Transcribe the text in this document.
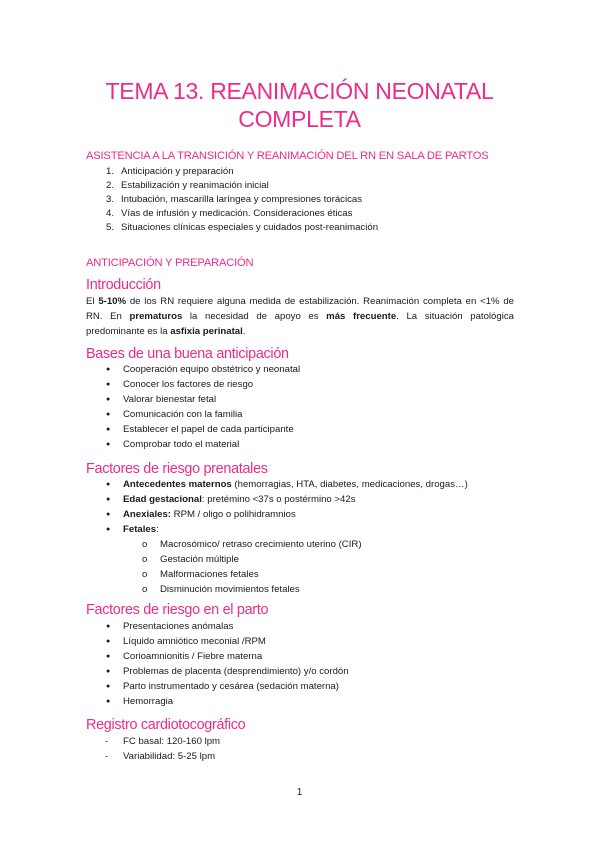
TEMA 13. REANIMACIÓN NEONATAL
COMPLETA
ASISTENCIA A LA TRANSICIÓN Y REANIMACIÓN DEL RN EN SALA DE PARTOS
1. Anticipación y preparación
2. Estabilización y reanimación inicial
3. Intubación, mascarilla laríngea y compresiones torácicas
4. Vías de infusión y medicación. Consideraciones éticas
5. Situaciones clínicas especiales y cuidados post-reanimación
ANTICIPACIÓN Y PREPARACIÓN
Introducción
El 5-10% de los RN requiere alguna medida de estabilización. Reanimación completa en <1% de
RN. En prematuros la necesidad de apoyo es más frecuente. La situación patológica
predominante es la asfixia perinatal.
Bases de una buena anticipación
● Cooperación equipo obstétrico y neonatal
● Conocer los factores de riesgo
● Valorar bienestar fetal
● Comunicación con la familia
● Establecer el papel de cada participante
● Comprobar todo el material
Factores de riesgo prenatales
● Antecedentes maternos (hemorragias, HTA, diabetes, medicaciones, drogas…)
● Edad gestacional: pretémino <37s o postérmino >42s
● Anexiales: RPM / oligo o polihidramnios
● Fetales:
o Macrosómico/ retraso crecimiento uterino (CIR)
o Gestación múltiple
o Malformaciones fetales
o Disminución movimientos fetales
Factores de riesgo en el parto
● Presentaciones anómalas
● Líquido amniótico meconial /RPM
● Corioamnionitis / Fiebre materna
● Problemas de placenta (desprendimiento) y/o cordón
● Parto instrumentado y cesárea (sedación materna)
● Hemorragia
Registro cardiotocográfico
- FC basal: 120-160 lpm
- Variabilidad: 5-25 lpm
1
